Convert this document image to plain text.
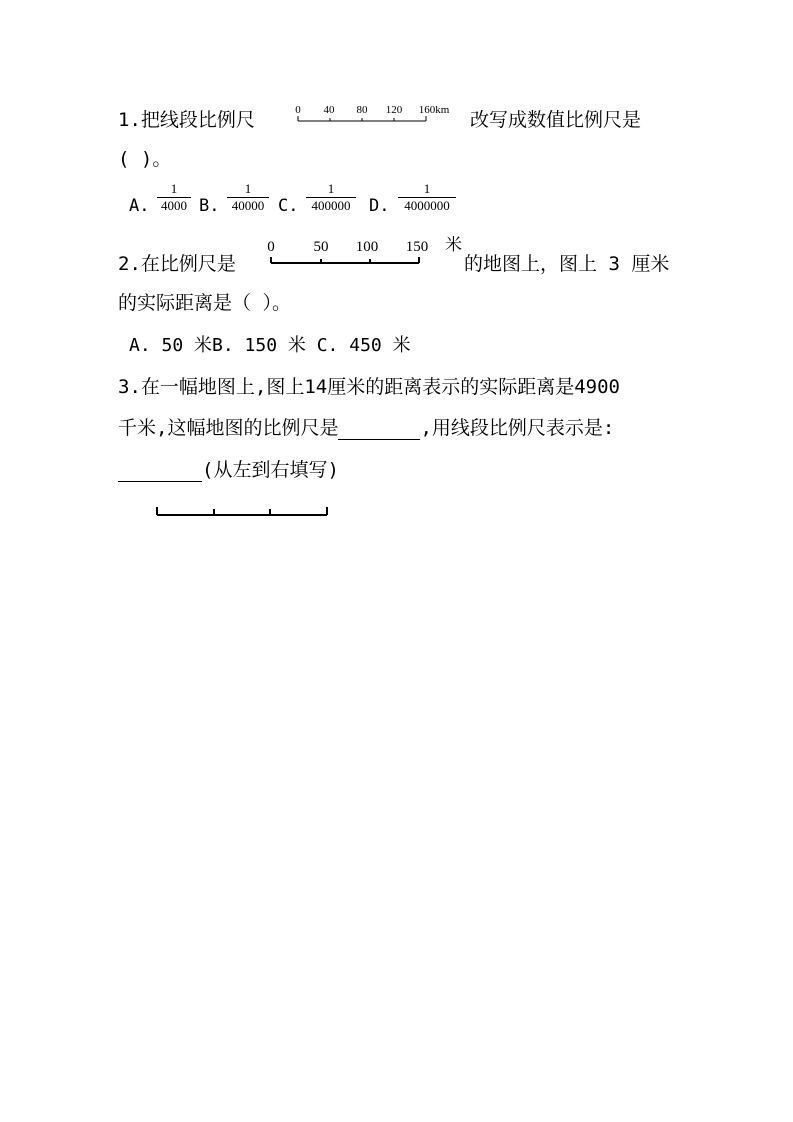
1.把线段比例尺	0 40 80 120 160km 改写成数值比例尺是
( )。
A.
1
4000 B.
1
40000 C.
1
400000	D.
1
4000000
2.在比例尺是
0	50 100 150 米
的地图上，图上 3 厘米
的实际距离是（ ）。
A. 50 米B. 150 米 C. 450 米
3.在一幅地图上,图上14厘米的距离表示的实际距离是4900
千米,这幅地图的比例尺是	,用线段比例尺表示是:
(从左到右填写)
